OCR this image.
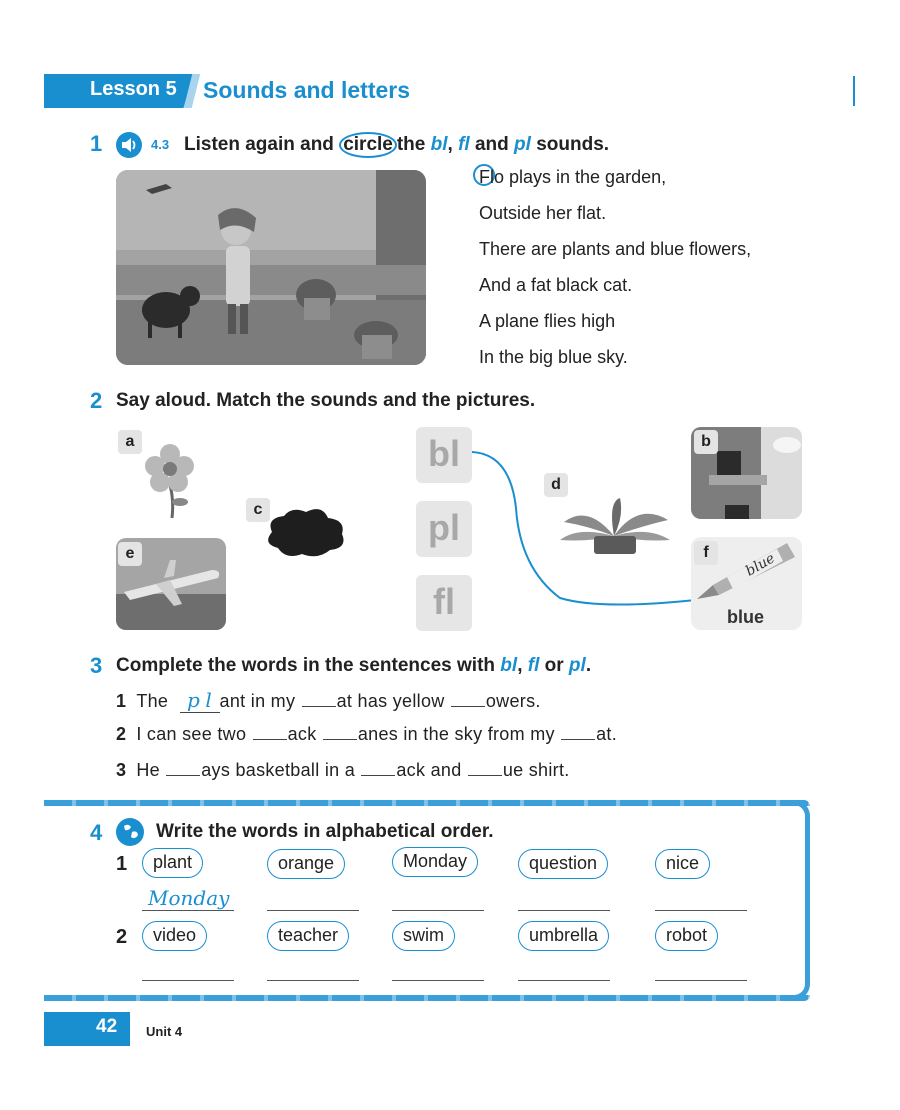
Lesson 5 Sounds and letters
1	4.3 Listen again and circle the bl, fl and pl sounds.
Flo plays in the garden,
Outside her flat.
There are plants and blue flowers,
And a fat black cat.
A plane flies high
In the big blue sky.
2 Say aloud. Match the sounds and the pictures.
a
c
e
bl
pl
fl
d
b
blue
blue
f
3 Complete the words in the sentences with bl, fl or pl.
1 The p l ant in my at has yellow owers.
2 I can see two ack anes in the sky from my at.
3 He ays basketball in a ack and ue shirt.
4	Write the words in alphabetical order.
1	plant	orange	Monday	question	nice
Monday
2	video	teacher	swim	umbrella	robot
42 Unit 4
